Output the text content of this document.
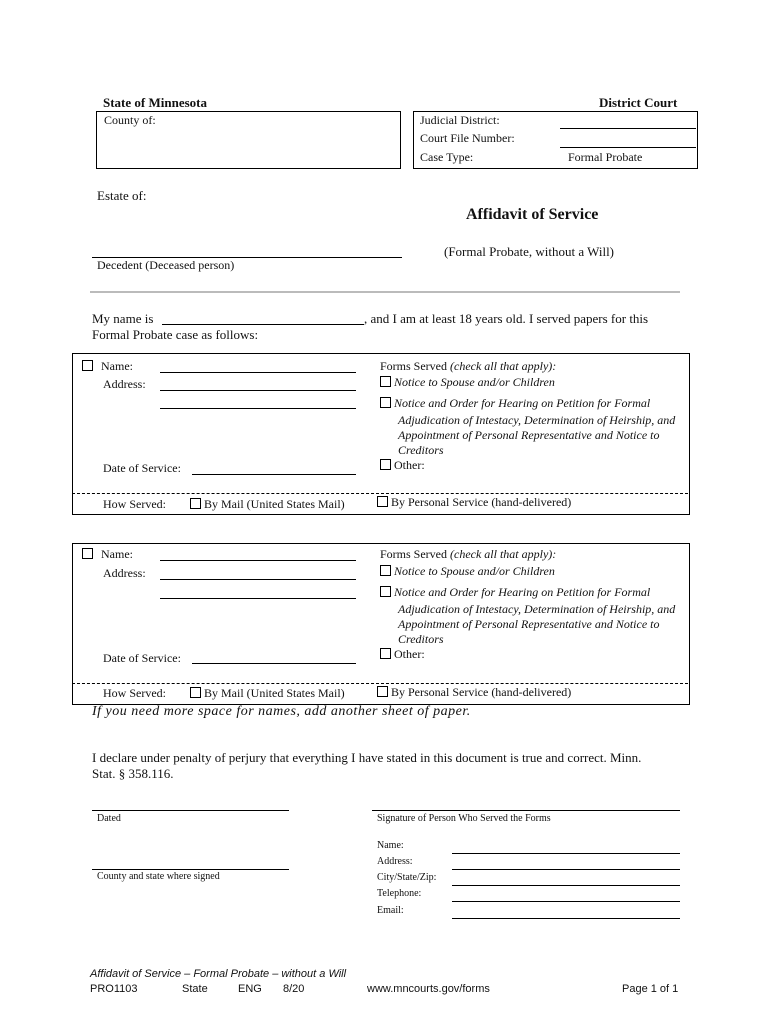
State of Minnesota	District Court
County of:	Judicial District:
Court File Number:
Case Type:	Formal Probate
Estate of:
Affidavit of Service
(Formal Probate, without a Will)
Decedent (Deceased person)
My name is	, and I am at least 18 years old. I served papers for this
Formal Probate case as follows:
Name:
Address:
Date of Service:
Forms Served (check all that apply):
Notice to Spouse and/or Children
Notice and Order for Hearing on Petition for Formal
Adjudication of Intestacy, Determination of Heirship, and
Appointment of Personal Representative and Notice to
Creditors
Other:
How Served:	By Mail (United States Mail)	By Personal Service (hand-delivered)
Name:
Address:
Date of Service:
Forms Served (check all that apply):
Notice to Spouse and/or Children
Notice and Order for Hearing on Petition for Formal
Adjudication of Intestacy, Determination of Heirship, and
Appointment of Personal Representative and Notice to
Creditors
Other:
How Served:	By Mail (United States Mail)	By Personal Service (hand-delivered)
If you need more space for names, add another sheet of paper.
I declare under penalty of perjury that everything I have stated in this document is true and correct. Minn.
Stat. § 358.116.
Dated
County and state where signed
Signature of Person Who Served the Forms
Name:
Address:
City/State/Zip:
Telephone:
Email:
Affidavit of Service – Formal Probate – without a Will
PRO1103	State	ENG 8/20	www.mncourts.gov/forms	Page 1 of 1
